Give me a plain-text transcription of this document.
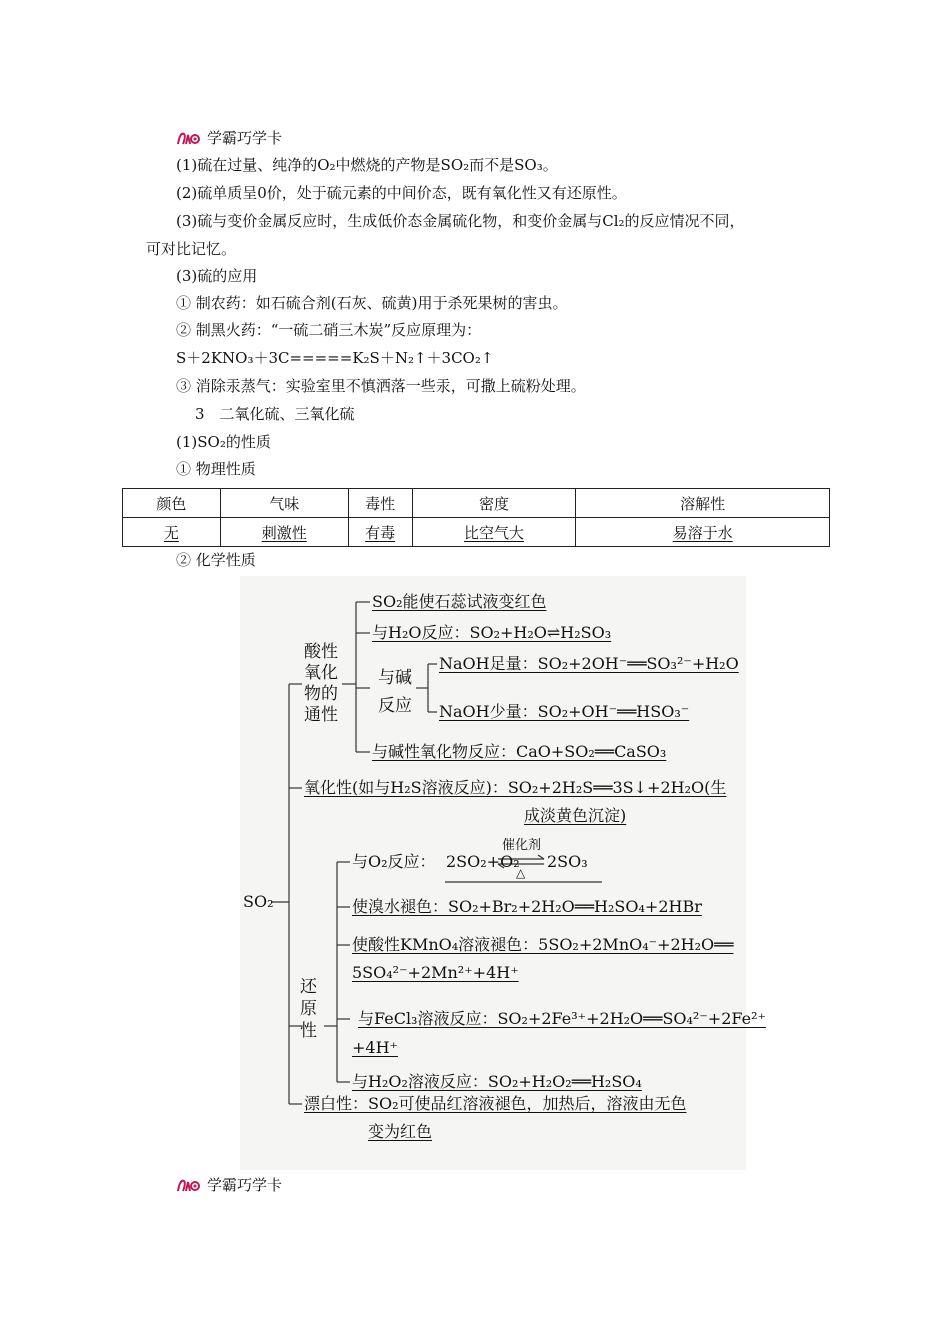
学霸巧学卡
(1)硫在过量、纯净的O₂中燃烧的产物是SO₂而不是SO₃。
(2)硫单质呈0价，处于硫元素的中间价态，既有氧化性又有还原性。
(3)硫与变价金属反应时，生成低价态金属硫化物，和变价金属与Cl₂的反应情况不同，
可对比记忆。
(3)硫的应用
① 制农药：如石硫合剂(石灰、硫黄)用于杀死果树的害虫。
② 制黑火药：“一硫二硝三木炭”反应原理为：
S＋2KNO₃＋3C=====K₂S＋N₂↑＋3CO₂↑
③ 消除汞蒸气：实验室里不慎洒落一些汞，可撒上硫粉处理。
3　二氧化硫、三氧化硫
(1)SO₂的性质
① 物理性质
颜色	气味	毒性	密度	溶解性
无	刺激性	有毒	比空气大	易溶于水
② 化学性质
SO₂
酸性氧化物的通性
SO₂能使石蕊试液变红色
与H₂O反应：SO₂+H₂O⇌H₂SO₃
与碱反应
NaOH足量：SO₂+2OH⁻══SO₃²⁻+H₂O
NaOH少量：SO₂+OH⁻══HSO₃⁻
与碱性氧化物反应：CaO+SO₂══CaSO₃
氧化性(如与H₂S溶液反应)：SO₂+2H₂S══3S↓+2H₂O(生
成淡黄色沉淀)
还原性
与O₂反应： 2SO₂+O₂
催化剂
△
2SO₃
使溴水褪色：SO₂+Br₂+2H₂O══H₂SO₄+2HBr
使酸性KMnO₄溶液褪色：5SO₂+2MnO₄⁻+2H₂O══
5SO₄²⁻+2Mn²⁺+4H⁺
与FeCl₃溶液反应：SO₂+2Fe³⁺+2H₂O══SO₄²⁻+2Fe²⁺
+4H⁺
与H₂O₂溶液反应：SO₂+H₂O₂══H₂SO₄
漂白性：SO₂可使品红溶液褪色，加热后，溶液由无色
变为红色
学霸巧学卡
